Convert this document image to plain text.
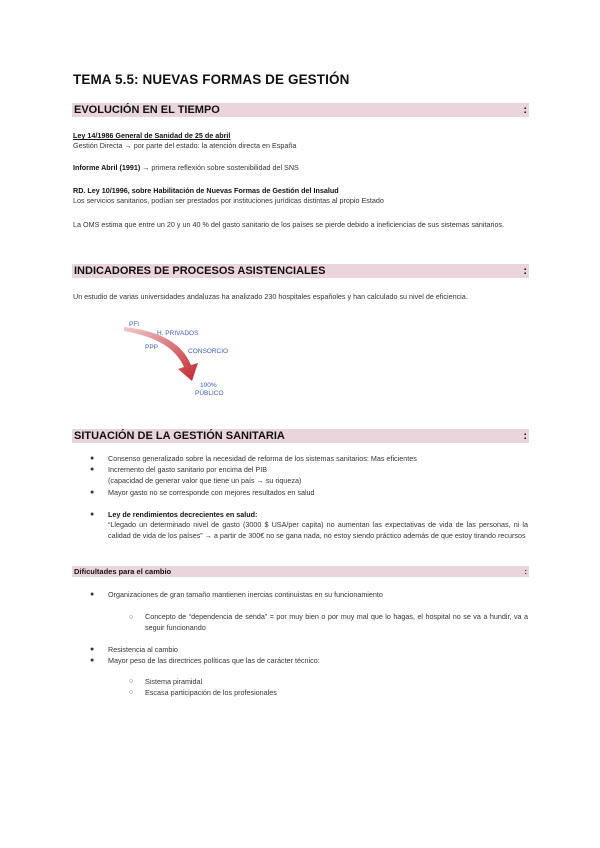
TEMA 5.5: NUEVAS FORMAS DE GESTIÓN
EVOLUCIÓN EN EL TIEMPO	:
Ley 14/1986 General de Sanidad de 25 de abril
Gestión Directa → por parte del estado: la atención directa en España
Informe Abril (1991) → primera reflexión sobre sostenibilidad del SNS
RD. Ley 10/1996, sobre Habilitación de Nuevas Formas de Gestión del Insalud
Los servicios sanitarios, podían ser prestados por instituciones jurídicas distintas al propio Estado
La OMS estima que entre un 20 y un 40 % del gasto sanitario de los países se pierde debido a ineficiencias de sus sistemas sanitarios.
INDICADORES DE PROCESOS ASISTENCIALES	:
Un estudio de varias universidades andaluzas ha analizado 230 hospitales españoles y han calculado su nivel de eficiencia.
PFI
H. PRIVADOS
PPP
CONSORCIO
100%
PÚBLICO
SITUACIÓN DE LA GESTIÓN SANITARIA	:
● Consenso generalizado sobre la necesidad de reforma de los sistemas sanitarios: Mas eficientes
● Incremento del gasto sanitario por encima del PIB
(capacidad de generar valor que tiene un país → su riqueza)
● Mayor gasto no se corresponde con mejores resultados en salud
● Ley de rendimientos decrecientes en salud:
“Llegado un determinado nivel de gasto (3000 $ USA/per capita) no aumentan las expectativas de vida de las personas, ni la calidad de vida de los países” → a partir de 300€ no se gana nada, no estoy siendo práctico además de que estoy tirando recursos
Dificultades para el cambio	:
● Organizaciones de gran tamaño mantienen inercias continuistas en su funcionamiento
○ Concepto de “dependencia de senda” = por muy bien o por muy mal que lo hagas, el hospital no se va a hundir, va a seguir funcionando
● Resistencia al cambio
● Mayor peso de las directrices políticas que las de carácter técnico:
○ Sistema piramidal
○ Escasa participación de los profesionales
